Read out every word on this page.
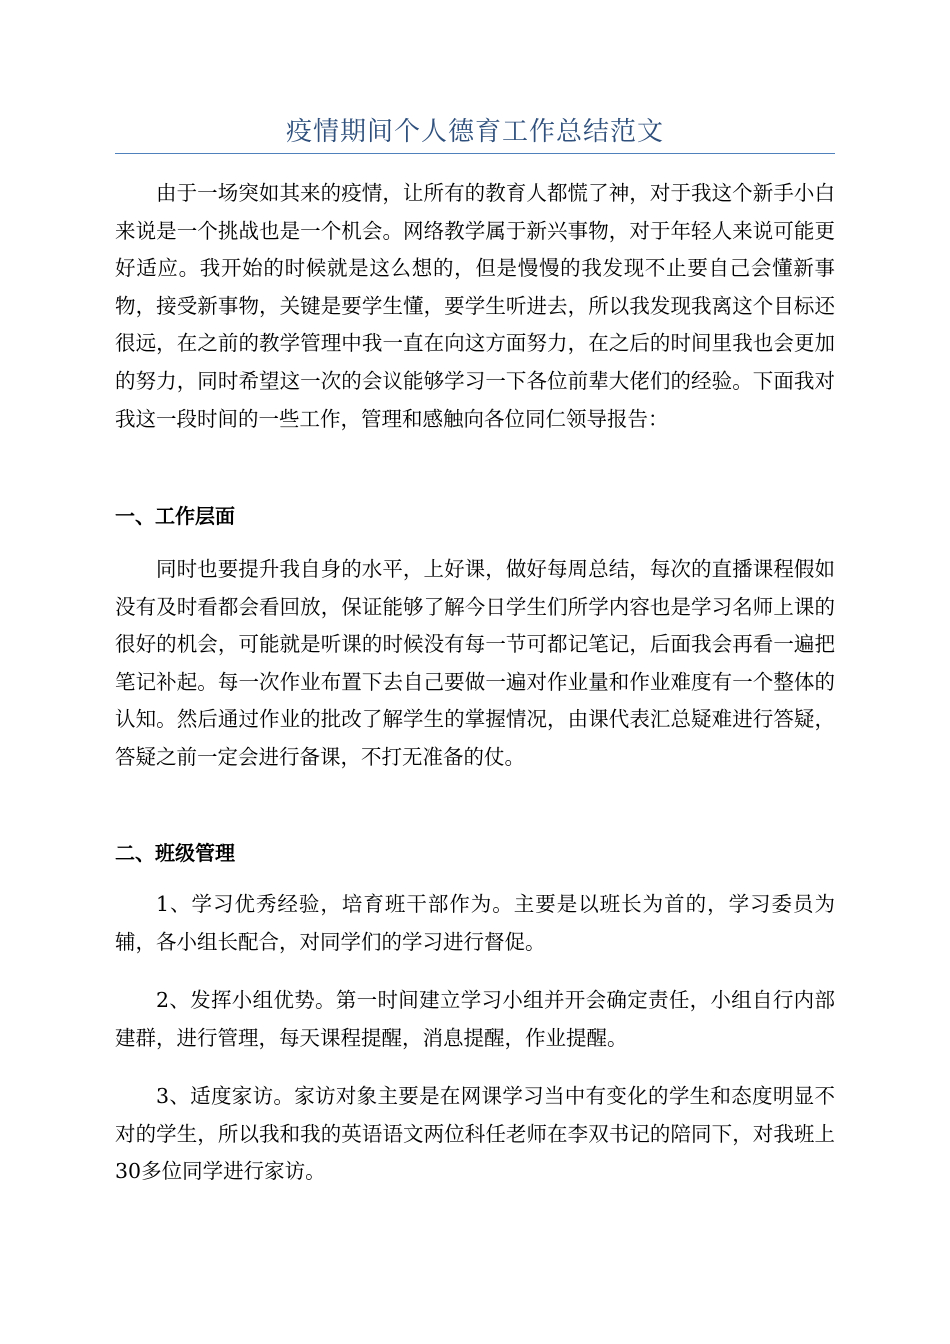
疫情期间个人德育工作总结范文

由于一场突如其来的疫情，让所有的教育人都慌了神，对于我这个新手小白来说是一个挑战也是一个机会。网络教学属于新兴事物，对于年轻人来说可能更好适应。我开始的时候就是这么想的，但是慢慢的我发现不止要自己会懂新事物，接受新事物，关键是要学生懂，要学生听进去，所以我发现我离这个目标还很远，在之前的教学管理中我一直在向这方面努力，在之后的时间里我也会更加的努力，同时希望这一次的会议能够学习一下各位前辈大佬们的经验。下面我对我这一段时间的一些工作，管理和感触向各位同仁领导报告：

一、工作层面

同时也要提升我自身的水平，上好课，做好每周总结，每次的直播课程假如没有及时看都会看回放，保证能够了解今日学生们所学内容也是学习名师上课的很好的机会，可能就是听课的时候没有每一节可都记笔记，后面我会再看一遍把笔记补起。每一次作业布置下去自己要做一遍对作业量和作业难度有一个整体的认知。然后通过作业的批改了解学生的掌握情况，由课代表汇总疑难进行答疑，答疑之前一定会进行备课，不打无准备的仗。

二、班级管理

1、学习优秀经验，培育班干部作为。主要是以班长为首的，学习委员为辅，各小组长配合，对同学们的学习进行督促。

2、发挥小组优势。第一时间建立学习小组并开会确定责任，小组自行内部建群，进行管理，每天课程提醒，消息提醒，作业提醒。

3、适度家访。家访对象主要是在网课学习当中有变化的学生和态度明显不对的学生，所以我和我的英语语文两位科任老师在李双书记的陪同下，对我班上30多位同学进行家访。
